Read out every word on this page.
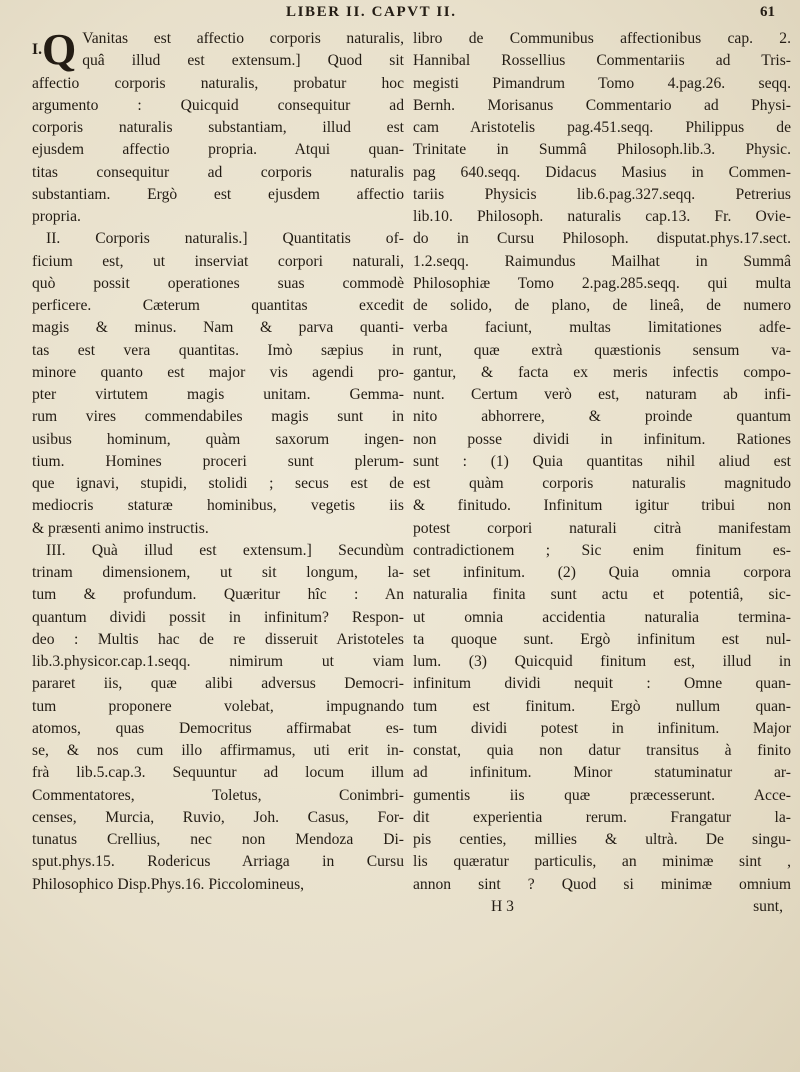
LIBER II. CAPVT II.	61
$^{I.}$Q Vanitas est affectio corporis naturalis,
quâ illud est extensum.] Quod sit
affectio corporis naturalis, probatur hoc
argumento : Quicquid consequitur ad
corporis naturalis substantiam, illud est
ejusdem affectio propria. Atqui quan-
titas consequitur ad corporis naturalis
substantiam. Ergò est ejusdem affectio
propria.
II. Corporis naturalis.] Quantitatis of-
ficium est, ut inserviat corpori naturali,
quò possit operationes suas commodè
perficere. Cæterum quantitas excedit
magis & minus. Nam & parva quanti-
tas est vera quantitas. Imò sæpius in
minore quanto est major vis agendi pro-
pter virtutem magis unitam. Gemma-
rum vires commendabiles magis sunt in
usibus hominum, quàm saxorum ingen-
tium. Homines proceri sunt plerum-
que ignavi, stupidi, stolidi ; secus est de
mediocris staturæ hominibus, vegetis iis
& præsenti animo instructis.
III. Quà illud est extensum.] Secundùm
trinam dimensionem, ut sit longum, la-
tum & profundum. Quæritur hîc : An
quantum dividi possit in infinitum? Respon-
deo : Multis hac de re disseruit Aristoteles
lib.3.physicor.cap.1.seqq. nimirum ut viam
pararet iis, quæ alibi adversus Democri-
tum proponere volebat, impugnando
atomos, quas Democritus affirmabat es-
se, & nos cum illo affirmamus, uti erit in-
frà lib.5.cap.3. Sequuntur ad locum illum
Commentatores, Toletus, Conimbri-
censes, Murcia, Ruvio, Joh. Casus, For-
tunatus Crellius, nec non Mendoza Di-
sput.phys.15. Rodericus Arriaga in Cursu
Philosophico Disp.Phys.16. Piccolomineus,
libro de Communibus affectionibus cap. 2.
Hannibal Rossellius Commentariis ad Tris-
megisti Pimandrum Tomo 4.pag.26. seqq.
Bernh. Morisanus Commentario ad Physi-
cam Aristotelis pag.451.seqq. Philippus de
Trinitate in Summâ Philosoph.lib.3. Physic.
pag 640.seqq. Didacus Masius in Commen-
tariis Physicis lib.6.pag.327.seqq. Petrerius
lib.10. Philosoph. naturalis cap.13. Fr. Ovie-
do in Cursu Philosoph. disputat.phys.17.sect.
1.2.seqq. Raimundus Mailhat in Summâ
Philosophiæ Tomo 2.pag.285.seqq. qui multa
de solido, de plano, de lineâ, de numero
verba faciunt, multas limitationes adfe-
runt, quæ extrà quæstionis sensum va-
gantur, & facta ex meris infectis compo-
nunt. Certum verò est, naturam ab infi-
nito abhorrere, & proinde quantum
non posse dividi in infinitum. Rationes
sunt : (1) Quia quantitas nihil aliud est
est quàm corporis naturalis magnitudo
& finitudo. Infinitum igitur tribui non
potest corpori naturali citrà manifestam
contradictionem ; Sic enim finitum es-
set infinitum. (2) Quia omnia corpora
naturalia finita sunt actu et potentiâ, sic-
ut omnia accidentia naturalia termina-
ta quoque sunt. Ergò infinitum est nul-
lum. (3) Quicquid finitum est, illud in
infinitum dividi nequit : Omne quan-
tum est finitum. Ergò nullum quan-
tum dividi potest in infinitum. Major
constat, quia non datur transitus à finito
ad infinitum. Minor statuminatur ar-
gumentis iis quæ præcesserunt. Acce-
dit experientia rerum. Frangatur la-
pis centies, millies & ultrà. De singu-
lis quæratur particulis, an minimæ sint ,
annon sint ? Quod si minimæ omnium
H 3	sunt,
